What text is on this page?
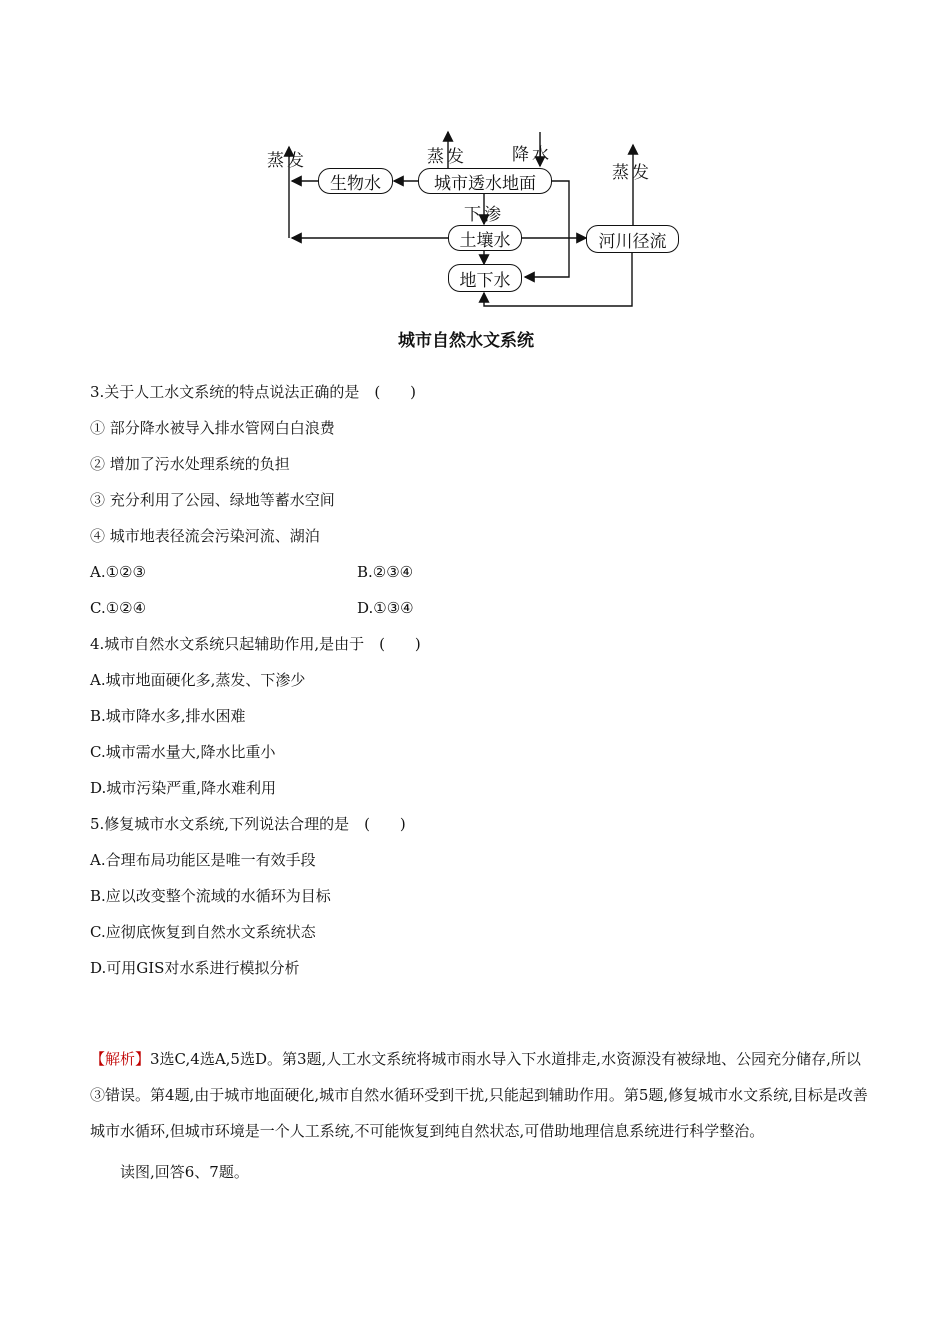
生物水	城市透水地面
土壤水
地下水
河川径流
蒸发	蒸发	降水
下渗
蒸发
城市自然水文系统
3.关于人工水文系统的特点说法正确的是　(　　)
① 部分降水被导入排水管网白白浪费
② 增加了污水处理系统的负担
③ 充分利用了公园、绿地等蓄水空间
④ 城市地表径流会污染河流、湖泊
A.①②③	B.②③④
C.①②④	D.①③④
4.城市自然水文系统只起辅助作用,是由于　(　　)
A.城市地面硬化多,蒸发、下渗少
B.城市降水多,排水困难
C.城市需水量大,降水比重小
D.城市污染严重,降水难利用
5.修复城市水文系统,下列说法合理的是　(　　)
A.合理布局功能区是唯一有效手段
B.应以改变整个流域的水循环为目标
C.应彻底恢复到自然水文系统状态
D.可用GIS对水系进行模拟分析
【解析】3选C,4选A,5选D。第3题,人工水文系统将城市雨水导入下水道排走,水资源没有被绿地、公园充分储存,所以③错误。第4题,由于城市地面硬化,城市自然水循环受到干扰,只能起到辅助作用。第5题,修复城市水文系统,目标是改善城市水循环,但城市环境是一个人工系统,不可能恢复到纯自然状态,可借助地理信息系统进行科学整治。
读图,回答6、7题。
